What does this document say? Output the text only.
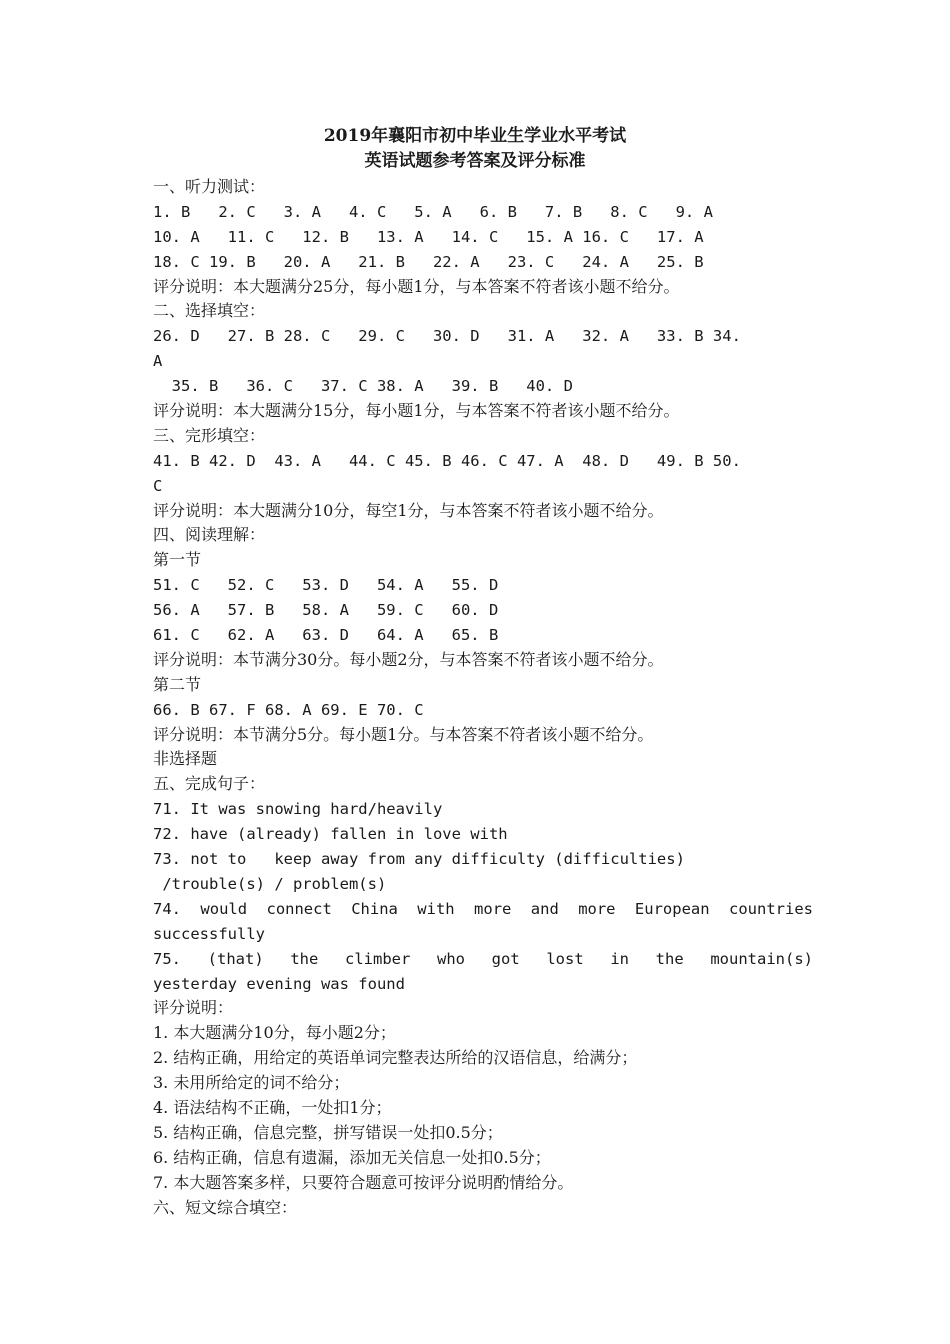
2019年襄阳市初中毕业生学业水平考试
英语试题参考答案及评分标准
一、听力测试：
1. B   2. C   3. A   4. C   5. A   6. B   7. B   8. C   9. A
10. A   11. C   12. B   13. A   14. C   15. A 16. C   17. A
18. C 19. B   20. A   21. B   22. A   23. C   24. A   25. B
评分说明：本大题满分25分，每小题1分，与本答案不符者该小题不给分。
二、选择填空：
26. D   27. B 28. C   29. C   30. D   31. A   32. A   33. B 34.
A
35. B   36. C   37. C 38. A   39. B   40. D
评分说明：本大题满分15分，每小题1分，与本答案不符者该小题不给分。
三、完形填空：
41. B 42. D  43. A   44. C 45. B 46. C 47. A  48. D   49. B 50.
C
评分说明：本大题满分10分，每空1分，与本答案不符者该小题不给分。
四、阅读理解：
第一节
51. C   52. C   53. D   54. A   55. D
56. A   57. B   58. A   59. C   60. D
61. C   62. A   63. D   64. A   65. B
评分说明：本节满分30分。每小题2分，与本答案不符者该小题不给分。
第二节
66. B 67. F 68. A 69. E 70. C
评分说明：本节满分5分。每小题1分。与本答案不符者该小题不给分。
非选择题
五、完成句子：
71. It was snowing hard/heavily
72. have (already) fallen in love with
73. not to   keep away from any difficulty (difficulties)
/trouble(s) / problem(s)
74. would connect China with more and more European countries
successfully
75. (that) the climber who got lost in the mountain(s)
yesterday evening was found
评分说明：
1. 本大题满分10分，每小题2分；
2. 结构正确，用给定的英语单词完整表达所给的汉语信息，给满分；
3. 未用所给定的词不给分；
4. 语法结构不正确，一处扣1分；
5. 结构正确，信息完整，拼写错误一处扣0.5分；
6. 结构正确，信息有遗漏，添加无关信息一处扣0.5分；
7. 本大题答案多样，只要符合题意可按评分说明酌情给分。
六、短文综合填空：
